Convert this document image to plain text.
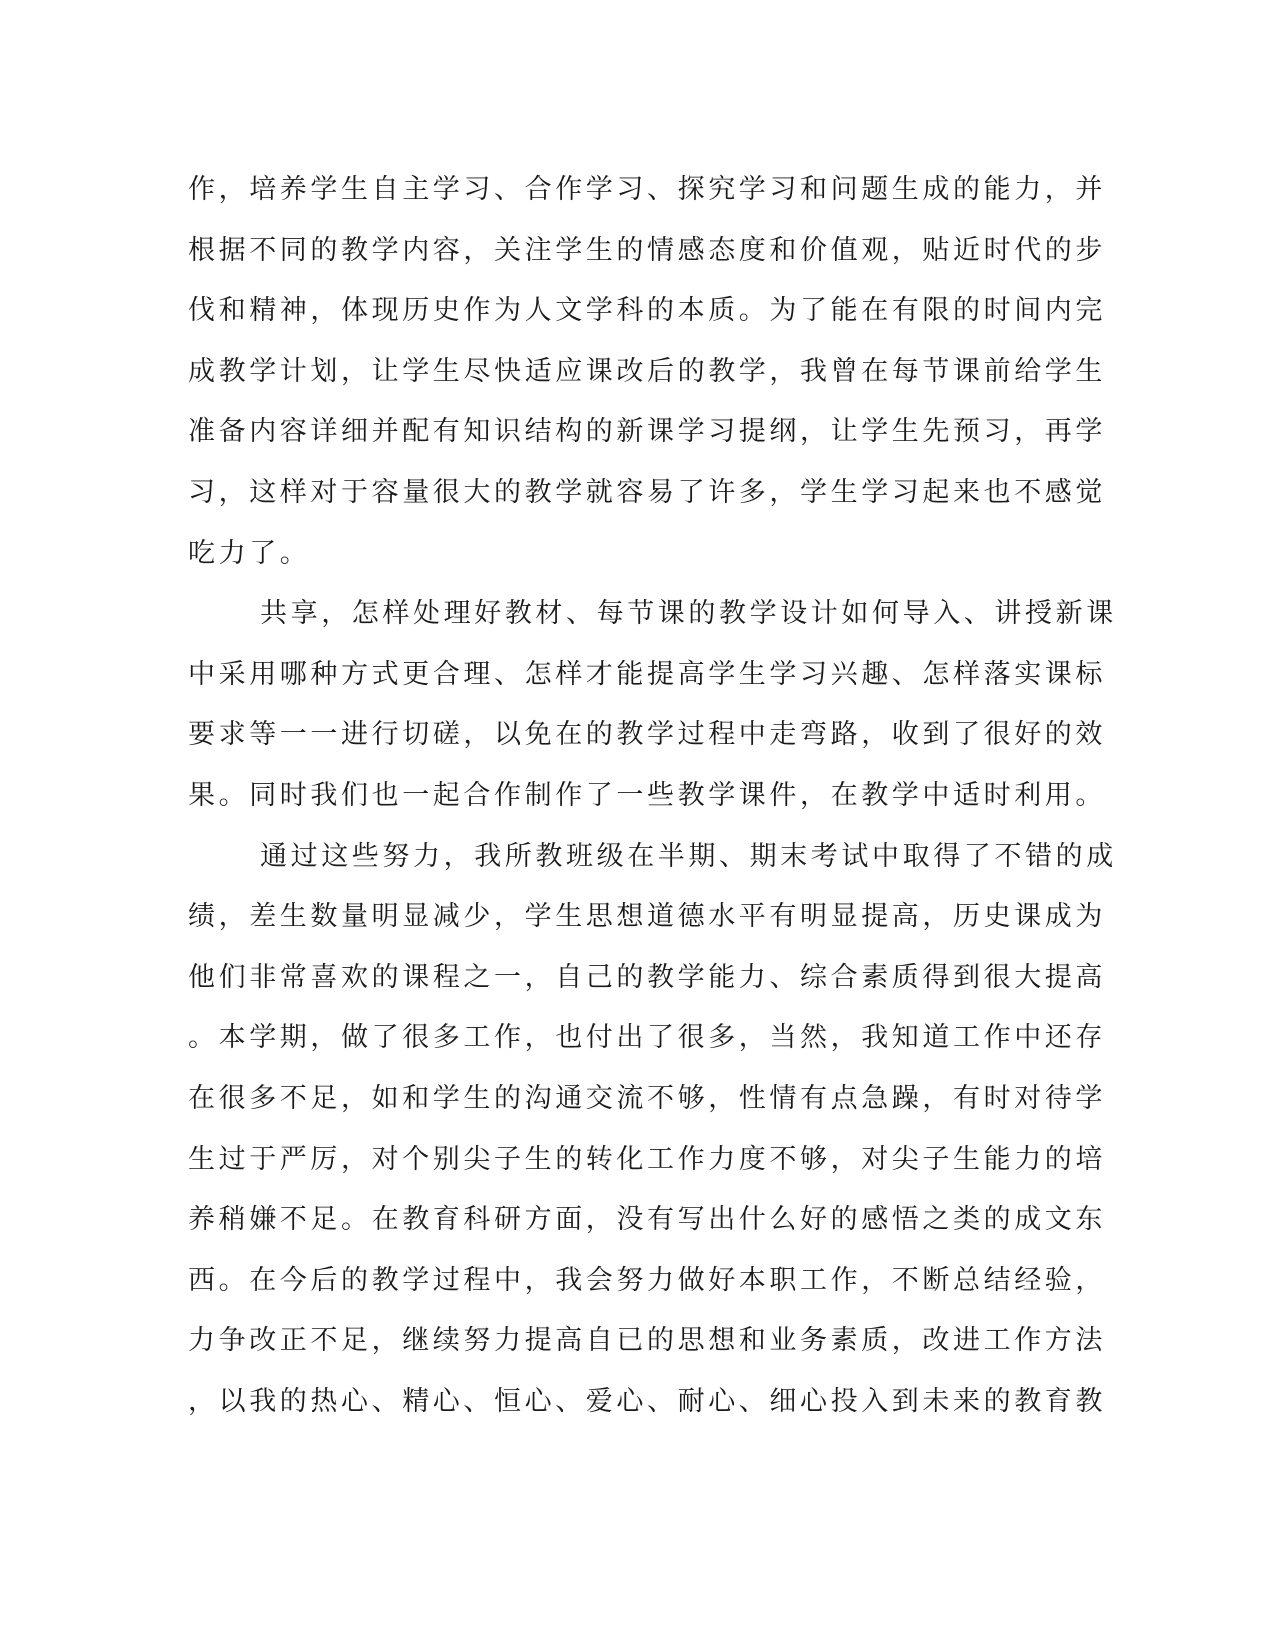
作，培养学生自主学习、合作学习、探究学习和问题生成的能力，并
根据不同的教学内容，关注学生的情感态度和价值观，贴近时代的步
伐和精神，体现历史作为人文学科的本质。为了能在有限的时间内完
成教学计划，让学生尽快适应课改后的教学，我曾在每节课前给学生
准备内容详细并配有知识结构的新课学习提纲，让学生先预习，再学
习，这样对于容量很大的教学就容易了许多，学生学习起来也不感觉
吃力了。
共享，怎样处理好教材、每节课的教学设计如何导入、讲授新课
中采用哪种方式更合理、怎样才能提高学生学习兴趣、怎样落实课标
要求等一一进行切磋，以免在的教学过程中走弯路，收到了很好的效
果。同时我们也一起合作制作了一些教学课件，在教学中适时利用。
通过这些努力，我所教班级在半期、期末考试中取得了不错的成
绩，差生数量明显减少，学生思想道德水平有明显提高，历史课成为
他们非常喜欢的课程之一，自己的教学能力、综合素质得到很大提高
。本学期，做了很多工作，也付出了很多，当然，我知道工作中还存
在很多不足，如和学生的沟通交流不够，性情有点急躁，有时对待学
生过于严厉，对个别尖子生的转化工作力度不够，对尖子生能力的培
养稍嫌不足。在教育科研方面，没有写出什么好的感悟之类的成文东
西。在今后的教学过程中，我会努力做好本职工作，不断总结经验，
力争改正不足，继续努力提高自已的思想和业务素质，改进工作方法
，以我的热心、精心、恒心、爱心、耐心、细心投入到未来的教育教
